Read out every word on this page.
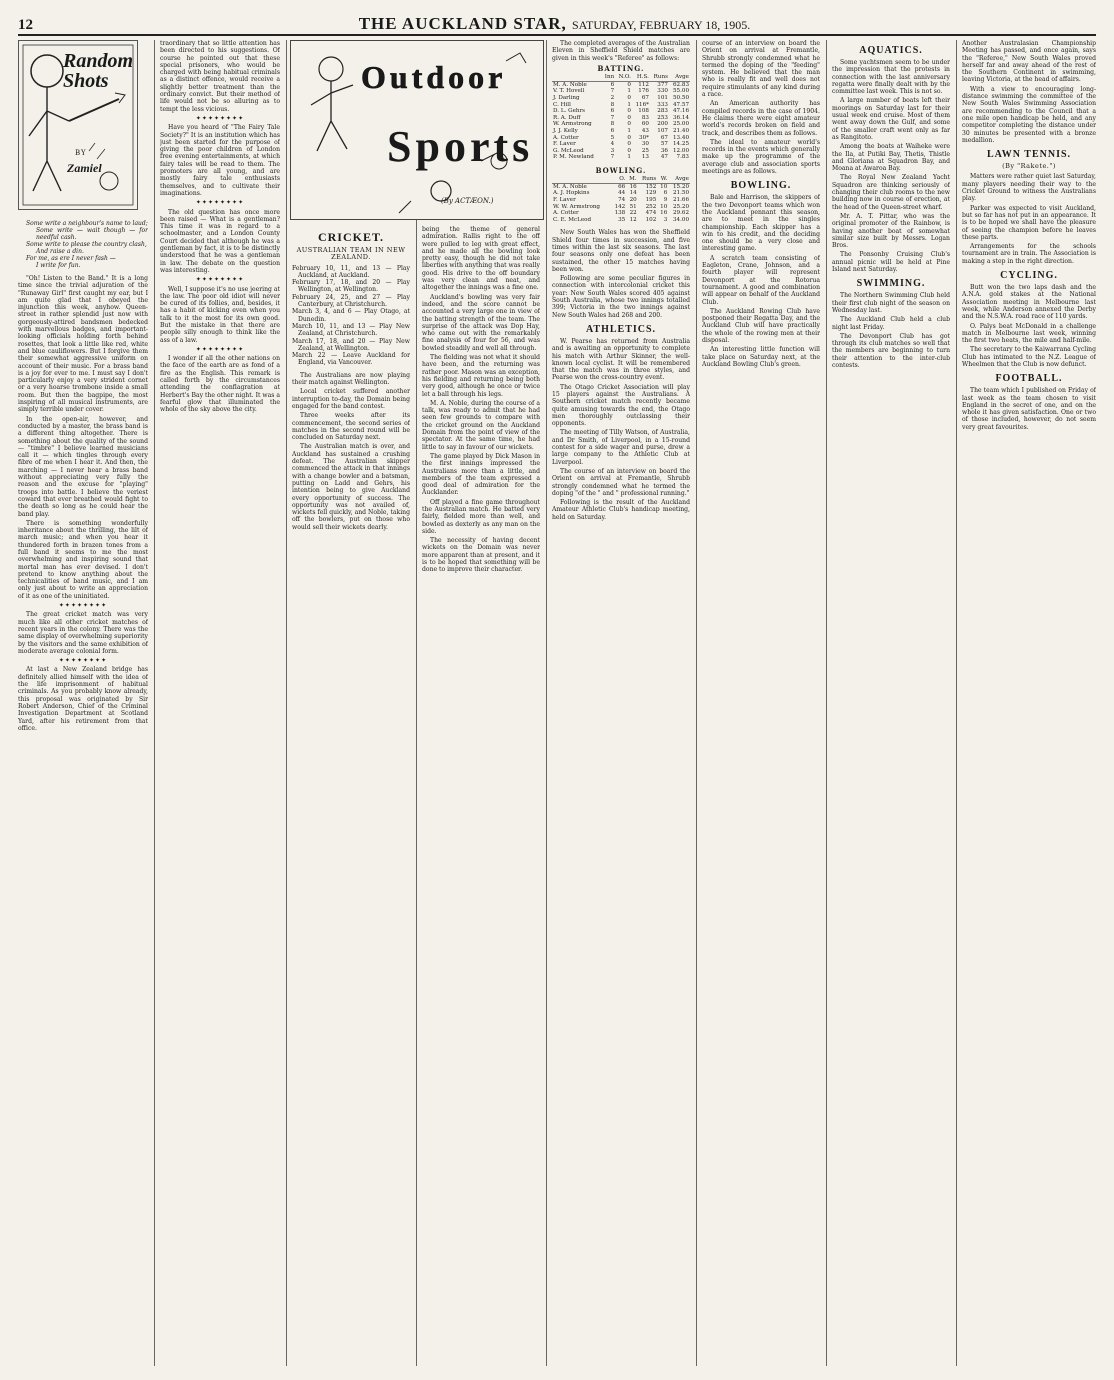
12	THE AUCKLAND STAR, SATURDAY, FEBRUARY 18, 1905.
Random Shots
BY
Zamiel
Some write a neighbour's name to laud;
Some write — wait though — for needful cash.
Some write to please the country clash,
And raise a din.
For me, as ere I never fash —
I write for fun.

"Oh! Listen to the Band." It is a long time since the trivial adjuration of the "Runaway Girl" first caught my ear, but I am quite glad that I obeyed the injunction this week, anyhow. Queen-street in rather splendid just now with gorgeously-attired bandsmen bedecked with marvellous badges, and important-looking officials holding forth behind rosettes, that look a little like red, white and blue cauliflowers. But I forgive them their somewhat aggressive uniform on account of their music. For a brass band is a joy for ever to me. I must say I don't particularly enjoy a very strident cornet or a very hoarse trombone inside a small room. But then the bagpipe, the most inspiring of all musical instruments, are simply terrible under cover.

In the open-air, however, and conducted by a master, the brass band is a different thing altogether. There is something about the quality of the sound — "timbre" I believe learned musicians call it — which tingles through every fibre of me when I hear it. And then, the marching — I never hear a brass band without appreciating very fully the reason and the excuse for "playing" troops into battle. I believe the veriest coward that ever breathed would fight to the death so long as he could hear the band play.

There is something wonderfully inheritance about the thrilling, the lilt of march music; and when you hear it thundered forth in brazen tones from a full band it seems to me the most overwhelming and inspiring sound that mortal man has ever devised. I don't pretend to know anything about the technicalities of band music, and I am only just about to write an appreciation of it as one of the uninitiated.

✦✦✦✦✦✦✦✦

The great cricket match was very much like all other cricket matches of recent years in the colony. There was the same display of overwhelming superiority by the visitors and the same exhibition of moderate average colonial form.

✦✦✦✦✦✦✦✦

At last a New Zealand bridge has definitely allied himself with the idea of the life imprisonment of habitual criminals. As you probably know already, this proposal was originated by Sir Robert Anderson, Chief of the Criminal Investigation Department at Scotland Yard, after his retirement from that office.

traordinary that so little attention has been directed to his suggestions. Of course he pointed out that these special prisoners, who would be charged with being habitual criminals as a distinct offence, would receive a slightly better treatment than the ordinary convict. But their method of life would not be so alluring as to tempt the less vicious.

✦✦✦✦✦✦✦✦

Have you heard of "The Fairy Tale Society?" It is an institution which has just been started for the purpose of giving the poor children of London free evening entertainments, at which fairy tales will be read to them. The promoters are all young, and are mostly fairy tale enthusiasts themselves, and to cultivate their imaginations.

✦✦✦✦✦✦✦✦

The old question has once more been raised — What is a gentleman? This time it was in regard to a schoolmaster, and a London County Court decided that although he was a gentleman by fact, it is to be distinctly understood that he was a gentleman in law. The debate on the question was interesting.

✦✦✦✦✦✦✦✦

Well, I suppose it's no use jeering at the law. The poor old idiot will never be cured of its follies, and, besides, it has a habit of kicking even when you talk to it the most for its own good. But the mistake in that there are people silly enough to think like the ass of a law.

✦✦✦✦✦✦✦✦

I wonder if all the other nations on the face of the earth are as fond of a fire as the English. This remark is called forth by the circumstances attending the conflagration at Herbert's Bay the other night. It was a fearful glow that illuminated the whole of the sky above the city.

Outdoor
Sports
(By ACTÆON.)
CRICKET.
AUSTRALIAN TEAM IN NEW ZEALAND.
February 10, 11, and 13 — Play Auckland, at Auckland.
February 17, 18, and 20 — Play Wellington, at Wellington.
February 24, 25, and 27 — Play Canterbury, at Christchurch.
March 3, 4, and 6 — Play Otago, at Dunedin.
March 10, 11, and 13 — Play New Zealand, at Christchurch.
March 17, 18, and 20 — Play New Zealand, at Wellington.
March 22 — Leave Auckland for England, via Vancouver.

The Australians are now playing their match against Wellington.

Local cricket suffered another interruption to-day, the Domain being engaged for the band contest.

Three weeks after its commencement, the second series of matches in the second round will be concluded on Saturday next.

The Australian match is over, and Auckland has sustained a crushing defeat. The Australian skipper commenced the attack in that innings with a change bowler and a batsman, putting on Ladd and Gehrs, his intention being to give Auckland every opportunity of success. The opportunity was not availed of, wickets fell quickly, and Noble, taking off the bowlers, put on those who would sell their wickets dearly.

being the theme of general admiration. Rallis right to the off were pulled to leg with great effect, and he made all the bowling look pretty easy, though he did not take liberties with anything that was really good. His drive to the off boundary was very clean and neat, and altogether the innings was a fine one.

Auckland's bowling was very fair indeed, and the score cannot be accounted a very large one in view of the batting strength of the team. The surprise of the attack was Dop Hay, who came out with the remarkably fine analysis of four for 56, and was bowled steadily and well all through.

The fielding was not what it should have been, and the returning was rather poor. Mason was an exception, his fielding and returning being both very good, although he once or twice let a ball through his legs.

M. A. Noble, during the course of a talk, was ready to admit that he had seen few grounds to compare with the cricket ground on the Auckland Domain from the point of view of the spectator. At the same time, he had little to say in favour of our wickets.

The game played by Dick Mason in the first innings impressed the Australians more than a little, and members of the team expressed a good deal of admiration for the Aucklander.

Off played a fine game throughout the Australian match. He batted very fairly, fielded more than well, and bowled as dexterly as any man on the side.

The necessity of having decent wickets on the Domain was never more apparent than at present, and it is to be hoped that something will be done to improve their character.

The completed averages of the Australian Eleven in Sheffield Shield matches are given in this week's "Referee" as follows:

BATTING.
	Inn	N.O.	H.S.	Runs	Avge
M. A. Noble	6	0	112	377	62.83
V. T. Hovell	7	1	176	330	55.00
J. Darling	2	0	67	101	50.50
C. Hill	8	1	116*	333	47.57
D. L. Gehrs	6	0	108	283	47.16
R. A. Duff	7	0	83	253	36.14
W. Armstrong	8	0	60	200	25.00
J. J. Kelly	6	1	43	107	21.40
A. Cotter	5	0	30*	67	13.40
F. Laver	4	0	30	57	14.25
G. McLeod	3	0	25	36	12.00
P. M. Newland	7	1	13	47	7.83
BOWLING.
	O.	M.	Runs	W.	Avge
M. A. Noble	66	16	152	10	15.20
A. J. Hopkins	44	14	129	6	21.50
F. Laver	74	20	195	9	21.66
W. W. Armstrong	142	51	252	10	25.20
A. Cotter	138	22	474	16	29.62
C. E. McLeod	35	12	102	3	34.00

New South Wales has won the Sheffield Shield four times in succession, and five times within the last six seasons. The last four seasons only one defeat has been sustained, the other 15 matches having been won.

Following are some peculiar figures in connection with intercolonial cricket this year: New South Wales scored 405 against South Australia, whose two innings totalled 399; Victoria in the two innings against New South Wales had 268 and 200.

ATHLETICS.

W. Pearse has returned from Australia and is awaiting an opportunity to complete his match with Arthur Skinner, the well-known local cyclist. It will be remembered that the match was in three styles, and Pearse won the cross-country event.

The Otago Cricket Association will play 15 players against the Australians. A Southern cricket match recently became quite amusing towards the end, the Otago men thoroughly outclassing their opponents.

The meeting of Tilly Watson, of Australia, and Dr Smith, of Liverpool, in a 15-round contest for a side wager and purse, drew a large company to the Athletic Club at Liverpool.

The course of an interview on board the Orient on arrival at Fremantle, Shrubb strongly condemned what he termed the doping "of the " and " professional running."

Following is the result of the Auckland Amateur Athletic Club's handicap meeting, held on Saturday.

course of an interview on board the Orient on arrival at Fremantle, Shrubb strongly condemned what he termed the doping of the "feeding" system. He believed that the man who is really fit and well does not require stimulants of any kind during a race.

An American authority has compiled records in the case of 1904. He claims there were eight amateur world's records broken on field and track, and describes them as follows.

The ideal to amateur world's records in the events which generally make up the programme of the average club and association sports meetings are as follows.

BOWLING.

Bale and Harrison, the skippers of the two Devonport teams which won the Auckland pennant this season, are to meet in the singles championship. Each skipper has a win to his credit, and the deciding one should be a very close and interesting game.

A scratch team consisting of Eagleton, Crane, Johnson, and a fourth player will represent Devonport at the Rotorua tournament. A good and combination will appear on behalf of the Auckland Club.

The Auckland Rowing Club have postponed their Regatta Day, and the Auckland Club will have practically the whole of the rowing men at their disposal.

An interesting little function will take place on Saturday next, at the Auckland Bowling Club's green.

AQUATICS.

Some yachtsmen seem to be under the impression that the protests in connection with the last anniversary regatta were finally dealt with by the committee last week. This is not so.

A large number of boats left their moorings on Saturday last for their usual week end cruise. Most of them went away down the Gulf, and some of the smaller craft went only as far as Rangitoto.

Among the boats at Waiheke were the Ila, at Putiki Bay, Thetis, Thistle and Gloriana at Squadron Bay, and Moana at Awaroa Bay.

The Royal New Zealand Yacht Squadron are thinking seriously of changing their club rooms to the new building now in course of erection, at the head of the Queen-street wharf.

Mr. A. T. Pittar, who was the original promoter of the Rainbow, is having another boat of somewhat similar size built by Messrs. Logan Bros.

The Ponsonby Cruising Club's annual picnic will be held at Pine Island next Saturday.

SWIMMING.

The Northern Swimming Club held their first club night of the season on Wednesday last.

The Auckland Club held a club night last Friday.

The Devonport Club has got through its club matches so well that the members are beginning to turn their attention to the inter-club contests.

Another Australasian Championship Meeting has passed, and once again, says the "Referee," New South Wales proved herself far and away ahead of the rest of the Southern Continent in swimming, leaving Victoria, at the head of affairs.

With a view to encouraging long-distance swimming the committee of the New South Wales Swimming Association are recommending to the Council that a one mile open handicap be held, and any competitor completing the distance under 30 minutes be presented with a bronze medallion.

LAWN TENNIS.
(By "Rakete.")

Matters were rather quiet last Saturday, many players needing their way to the Cricket Ground to witness the Australians play.

Parker was expected to visit Auckland, but so far has not put in an appearance. It is to be hoped we shall have the pleasure of seeing the champion before he leaves these parts.

Arrangements for the schools tournament are in train. The Association is making a step in the right direction.

CYCLING.

Butt won the two laps dash and the A.N.A. gold stakes at the National Association meeting in Melbourne last week, while Anderson annexed the Derby and the N.S.W.A. road race of 110 yards.

O. Palys beat McDonald in a challenge match in Melbourne last week, winning the first two heats, the mile and half-mile.

The secretary to the Kaiwarrana Cycling Club has intimated to the N.Z. League of Wheelmen that the Club is now defunct.

FOOTBALL.

The team which I published on Friday of last week as the team chosen to visit England in the secret of one, and on the whole it has given satisfaction. One or two of those included, however, do not seem very great favourites.
